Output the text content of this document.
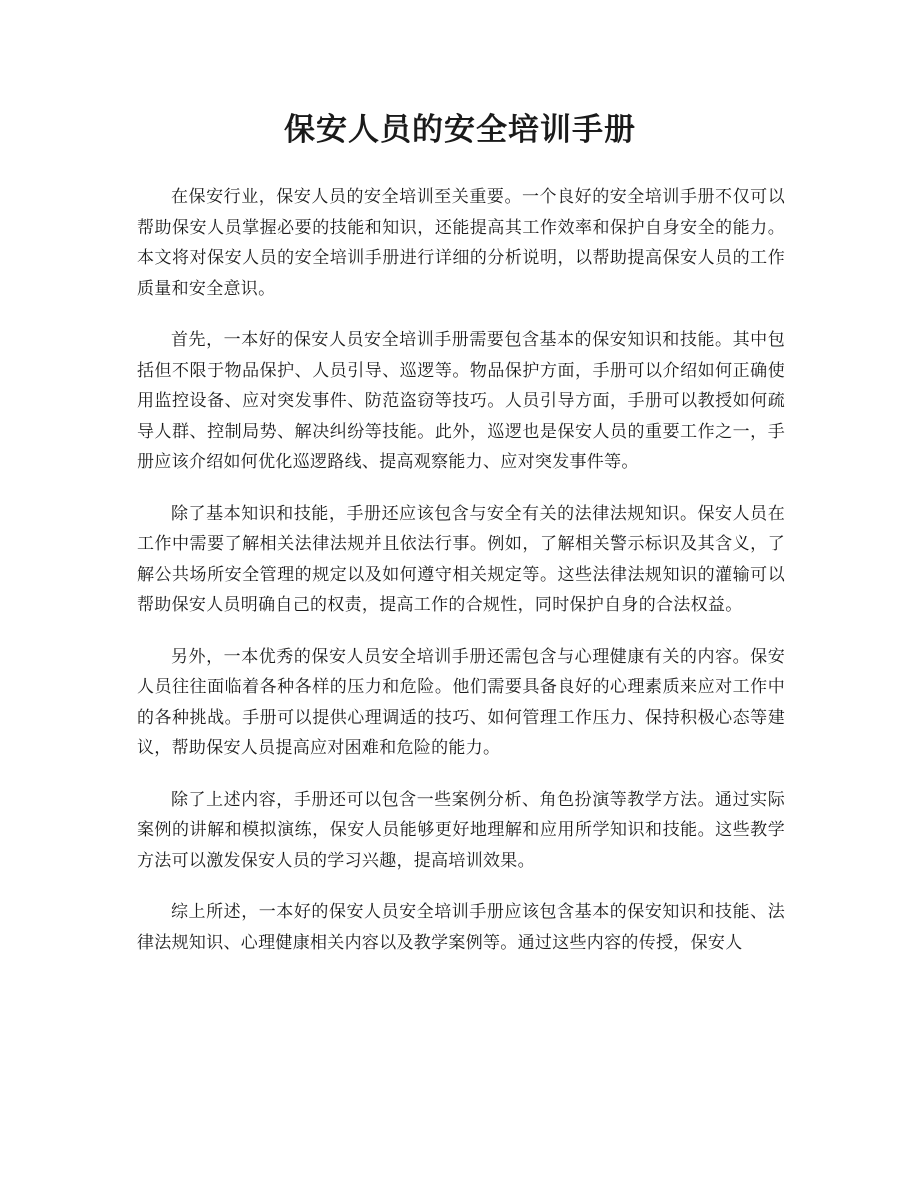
保安人员的安全培训手册

在保安行业，保安人员的安全培训至关重要。一个良好的安全培训手册不仅可以帮助保安人员掌握必要的技能和知识，还能提高其工作效率和保护自身安全的能力。本文将对保安人员的安全培训手册进行详细的分析说明，以帮助提高保安人员的工作质量和安全意识。

首先，一本好的保安人员安全培训手册需要包含基本的保安知识和技能。其中包括但不限于物品保护、人员引导、巡逻等。物品保护方面，手册可以介绍如何正确使用监控设备、应对突发事件、防范盗窃等技巧。人员引导方面，手册可以教授如何疏导人群、控制局势、解决纠纷等技能。此外，巡逻也是保安人员的重要工作之一，手册应该介绍如何优化巡逻路线、提高观察能力、应对突发事件等。

除了基本知识和技能，手册还应该包含与安全有关的法律法规知识。保安人员在工作中需要了解相关法律法规并且依法行事。例如，了解相关警示标识及其含义，了解公共场所安全管理的规定以及如何遵守相关规定等。这些法律法规知识的灌输可以帮助保安人员明确自己的权责，提高工作的合规性，同时保护自身的合法权益。

另外，一本优秀的保安人员安全培训手册还需包含与心理健康有关的内容。保安人员往往面临着各种各样的压力和危险。他们需要具备良好的心理素质来应对工作中的各种挑战。手册可以提供心理调适的技巧、如何管理工作压力、保持积极心态等建议，帮助保安人员提高应对困难和危险的能力。

除了上述内容，手册还可以包含一些案例分析、角色扮演等教学方法。通过实际案例的讲解和模拟演练，保安人员能够更好地理解和应用所学知识和技能。这些教学方法可以激发保安人员的学习兴趣，提高培训效果。

综上所述，一本好的保安人员安全培训手册应该包含基本的保安知识和技能、法律法规知识、心理健康相关内容以及教学案例等。通过这些内容的传授，保安人
